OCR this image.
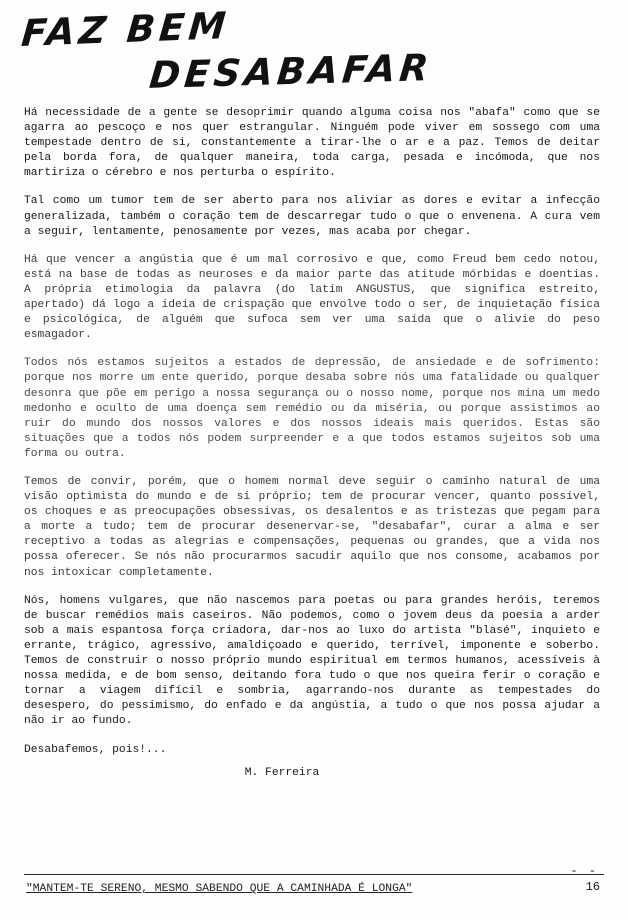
FAZ BEM
DESABAFAR

Há necessidade de a gente se desoprimir quando alguma coisa nos "abafa" como que se agarra ao pescoço e nos quer estrangular. Ninguém pode viver em sossego com uma tempestade dentro de si, constantemente a tirar-lhe o ar e a paz. Temos de deitar pela borda fora, de qualquer maneira, toda carga, pesada e incómoda, que nos martiriza o cérebro e nos perturba o espírito.

Tal como um tumor tem de ser aberto para nos aliviar as dores e evitar a infecção generalizada, também o coração tem de descarregar tudo o que o envenena. A cura vem a seguir, lentamente, penosamente por vezes, mas acaba por chegar.

Há que vencer a angústia que é um mal corrosivo e que, como Freud bem cedo notou, está na base de todas as neuroses e da maior parte das atitude mórbidas e doentias. A própria etimologia da palavra (do latim ANGUSTUS, que significa estreito, apertado) dá logo a ideia de crispação que envolve todo o ser, de inquietação física e psicológica, de alguém que sufoca sem ver uma saída que o alivie do peso esmagador.

Todos nós estamos sujeitos a estados de depressão, de ansiedade e de sofrimento: porque nos morre um ente querido, porque desaba sobre nós uma fatalidade ou qualquer desonra que põe em perigo a nossa segurança ou o nosso nome, porque nos mina um medo medonho e oculto de uma doença sem remédio ou da miséria, ou porque assistimos ao ruir do mundo dos nossos valores e dos nossos ideais mais queridos. Estas são situações que a todos nós podem surpreender e a que todos estamos sujeitos sob uma forma ou outra.

Temos de convir, porém, que o homem normal deve seguir o caminho natural de uma visão optimista do mundo e de si próprio; tem de procurar vencer, quanto possível, os choques e as preocupações obsessivas, os desalentos e as tristezas que pegam para a morte a tudo; tem de procurar desenervar-se, "desabafar", curar a alma e ser receptivo a todas as alegrias e compensações, pequenas ou grandes, que a vida nos possa oferecer. Se nós não procurarmos sacudir aquilo que nos consome, acabamos por nos intoxicar completamente.

Nós, homens vulgares, que não nascemos para poetas ou para grandes heróis, teremos de buscar remédios mais caseiros. Não podemos, como o jovem deus da poesia a arder sob a mais espantosa força criadora, dar-nos ao luxo do artista "blasé", inquieto e errante, trágico, agressivo, amaldiçoado e querido, terrível, imponente e soberbo. Temos de construir o nosso próprio mundo espiritual em termos humanos, acessíveis à nossa medida, e de bom senso, deitando fora tudo o que nos queira ferir o coração e tornar a viagem difícil e sombria, agarrando-nos durante as tempestades do desespero, do pessimismo, do enfado e da angústia, a tudo o que nos possa ajudar a não ir ao fundo.

Desabafemos, pois!...
M. Ferreira
- -
"MANTEM-TE SERENO, MESMO SABENDO QUE A CAMINHADA É LONGA"	16
